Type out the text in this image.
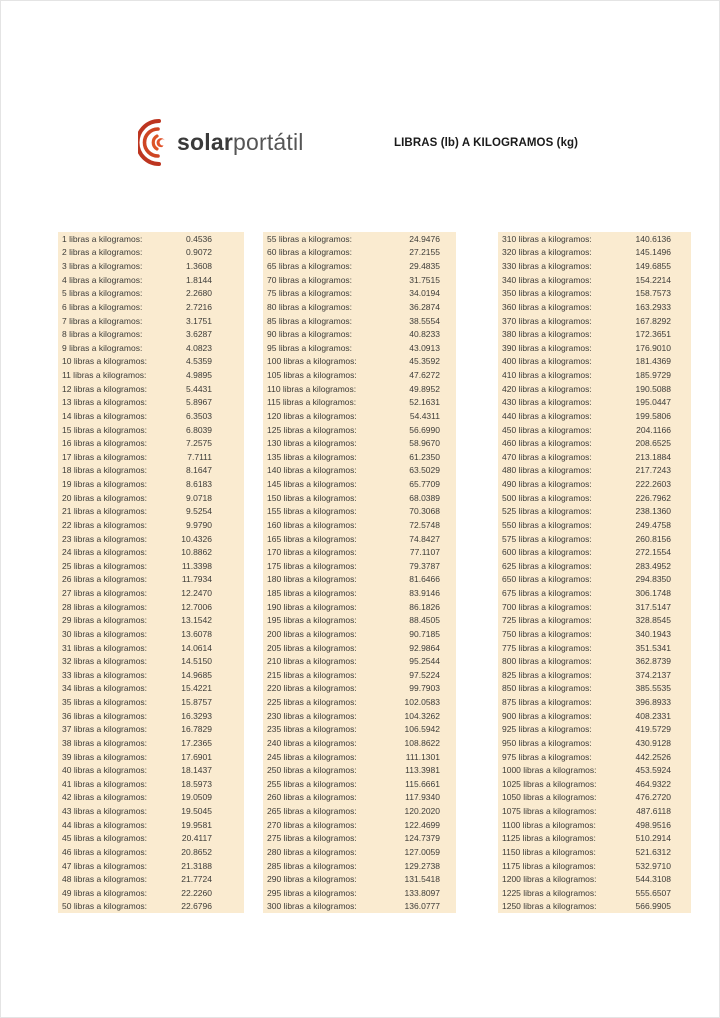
solarportátil	LIBRAS (lb) A KILOGRAMOS (kg)
1 libras a kilogramos:	0.4536
2 libras a kilogramos:	0.9072
3 libras a kilogramos:	1.3608
4 libras a kilogramos:	1.8144
5 libras a kilogramos:	2.2680
6 libras a kilogramos:	2.7216
7 libras a kilogramos:	3.1751
8 libras a kilogramos:	3.6287
9 libras a kilogramos:	4.0823
10 libras a kilogramos:	4.5359
11 libras a kilogramos:	4.9895
12 libras a kilogramos:	5.4431
13 libras a kilogramos:	5.8967
14 libras a kilogramos:	6.3503
15 libras a kilogramos:	6.8039
16 libras a kilogramos:	7.2575
17 libras a kilogramos:	7.7111
18 libras a kilogramos:	8.1647
19 libras a kilogramos:	8.6183
20 libras a kilogramos:	9.0718
21 libras a kilogramos:	9.5254
22 libras a kilogramos:	9.9790
23 libras a kilogramos:	10.4326
24 libras a kilogramos:	10.8862
25 libras a kilogramos:	11.3398
26 libras a kilogramos:	11.7934
27 libras a kilogramos:	12.2470
28 libras a kilogramos:	12.7006
29 libras a kilogramos:	13.1542
30 libras a kilogramos:	13.6078
31 libras a kilogramos:	14.0614
32 libras a kilogramos:	14.5150
33 libras a kilogramos:	14.9685
34 libras a kilogramos:	15.4221
35 libras a kilogramos:	15.8757
36 libras a kilogramos:	16.3293
37 libras a kilogramos:	16.7829
38 libras a kilogramos:	17.2365
39 libras a kilogramos:	17.6901
40 libras a kilogramos:	18.1437
41 libras a kilogramos:	18.5973
42 libras a kilogramos:	19.0509
43 libras a kilogramos:	19.5045
44 libras a kilogramos:	19.9581
45 libras a kilogramos:	20.4117
46 libras a kilogramos:	20.8652
47 libras a kilogramos:	21.3188
48 libras a kilogramos:	21.7724
49 libras a kilogramos:	22.2260
50 libras a kilogramos:	22.6796
55 libras a kilogramos:	24.9476
60 libras a kilogramos:	27.2155
65 libras a kilogramos:	29.4835
70 libras a kilogramos:	31.7515
75 libras a kilogramos:	34.0194
80 libras a kilogramos:	36.2874
85 libras a kilogramos:	38.5554
90 libras a kilogramos:	40.8233
95 libras a kilogramos:	43.0913
100 libras a kilogramos:	45.3592
105 libras a kilogramos:	47.6272
110 libras a kilogramos:	49.8952
115 libras a kilogramos:	52.1631
120 libras a kilogramos:	54.4311
125 libras a kilogramos:	56.6990
130 libras a kilogramos:	58.9670
135 libras a kilogramos:	61.2350
140 libras a kilogramos:	63.5029
145 libras a kilogramos:	65.7709
150 libras a kilogramos:	68.0389
155 libras a kilogramos:	70.3068
160 libras a kilogramos:	72.5748
165 libras a kilogramos:	74.8427
170 libras a kilogramos:	77.1107
175 libras a kilogramos:	79.3787
180 libras a kilogramos:	81.6466
185 libras a kilogramos:	83.9146
190 libras a kilogramos:	86.1826
195 libras a kilogramos:	88.4505
200 libras a kilogramos:	90.7185
205 libras a kilogramos:	92.9864
210 libras a kilogramos:	95.2544
215 libras a kilogramos:	97.5224
220 libras a kilogramos:	99.7903
225 libras a kilogramos:	102.0583
230 libras a kilogramos:	104.3262
235 libras a kilogramos:	106.5942
240 libras a kilogramos:	108.8622
245 libras a kilogramos:	111.1301
250 libras a kilogramos:	113.3981
255 libras a kilogramos:	115.6661
260 libras a kilogramos:	117.9340
265 libras a kilogramos:	120.2020
270 libras a kilogramos:	122.4699
275 libras a kilogramos:	124.7379
280 libras a kilogramos:	127.0059
285 libras a kilogramos:	129.2738
290 libras a kilogramos:	131.5418
295 libras a kilogramos:	133.8097
300 libras a kilogramos:	136.0777
310 libras a kilogramos:	140.6136
320 libras a kilogramos:	145.1496
330 libras a kilogramos:	149.6855
340 libras a kilogramos:	154.2214
350 libras a kilogramos:	158.7573
360 libras a kilogramos:	163.2933
370 libras a kilogramos:	167.8292
380 libras a kilogramos:	172.3651
390 libras a kilogramos:	176.9010
400 libras a kilogramos:	181.4369
410 libras a kilogramos:	185.9729
420 libras a kilogramos:	190.5088
430 libras a kilogramos:	195.0447
440 libras a kilogramos:	199.5806
450 libras a kilogramos:	204.1166
460 libras a kilogramos:	208.6525
470 libras a kilogramos:	213.1884
480 libras a kilogramos:	217.7243
490 libras a kilogramos:	222.2603
500 libras a kilogramos:	226.7962
525 libras a kilogramos:	238.1360
550 libras a kilogramos:	249.4758
575 libras a kilogramos:	260.8156
600 libras a kilogramos:	272.1554
625 libras a kilogramos:	283.4952
650 libras a kilogramos:	294.8350
675 libras a kilogramos:	306.1748
700 libras a kilogramos:	317.5147
725 libras a kilogramos:	328.8545
750 libras a kilogramos:	340.1943
775 libras a kilogramos:	351.5341
800 libras a kilogramos:	362.8739
825 libras a kilogramos:	374.2137
850 libras a kilogramos:	385.5535
875 libras a kilogramos:	396.8933
900 libras a kilogramos:	408.2331
925 libras a kilogramos:	419.5729
950 libras a kilogramos:	430.9128
975 libras a kilogramos:	442.2526
1000 libras a kilogramos:	453.5924
1025 libras a kilogramos:	464.9322
1050 libras a kilogramos:	476.2720
1075 libras a kilogramos:	487.6118
1100 libras a kilogramos:	498.9516
1125 libras a kilogramos:	510.2914
1150 libras a kilogramos:	521.6312
1175 libras a kilogramos:	532.9710
1200 libras a kilogramos:	544.3108
1225 libras a kilogramos:	555.6507
1250 libras a kilogramos:	566.9905
